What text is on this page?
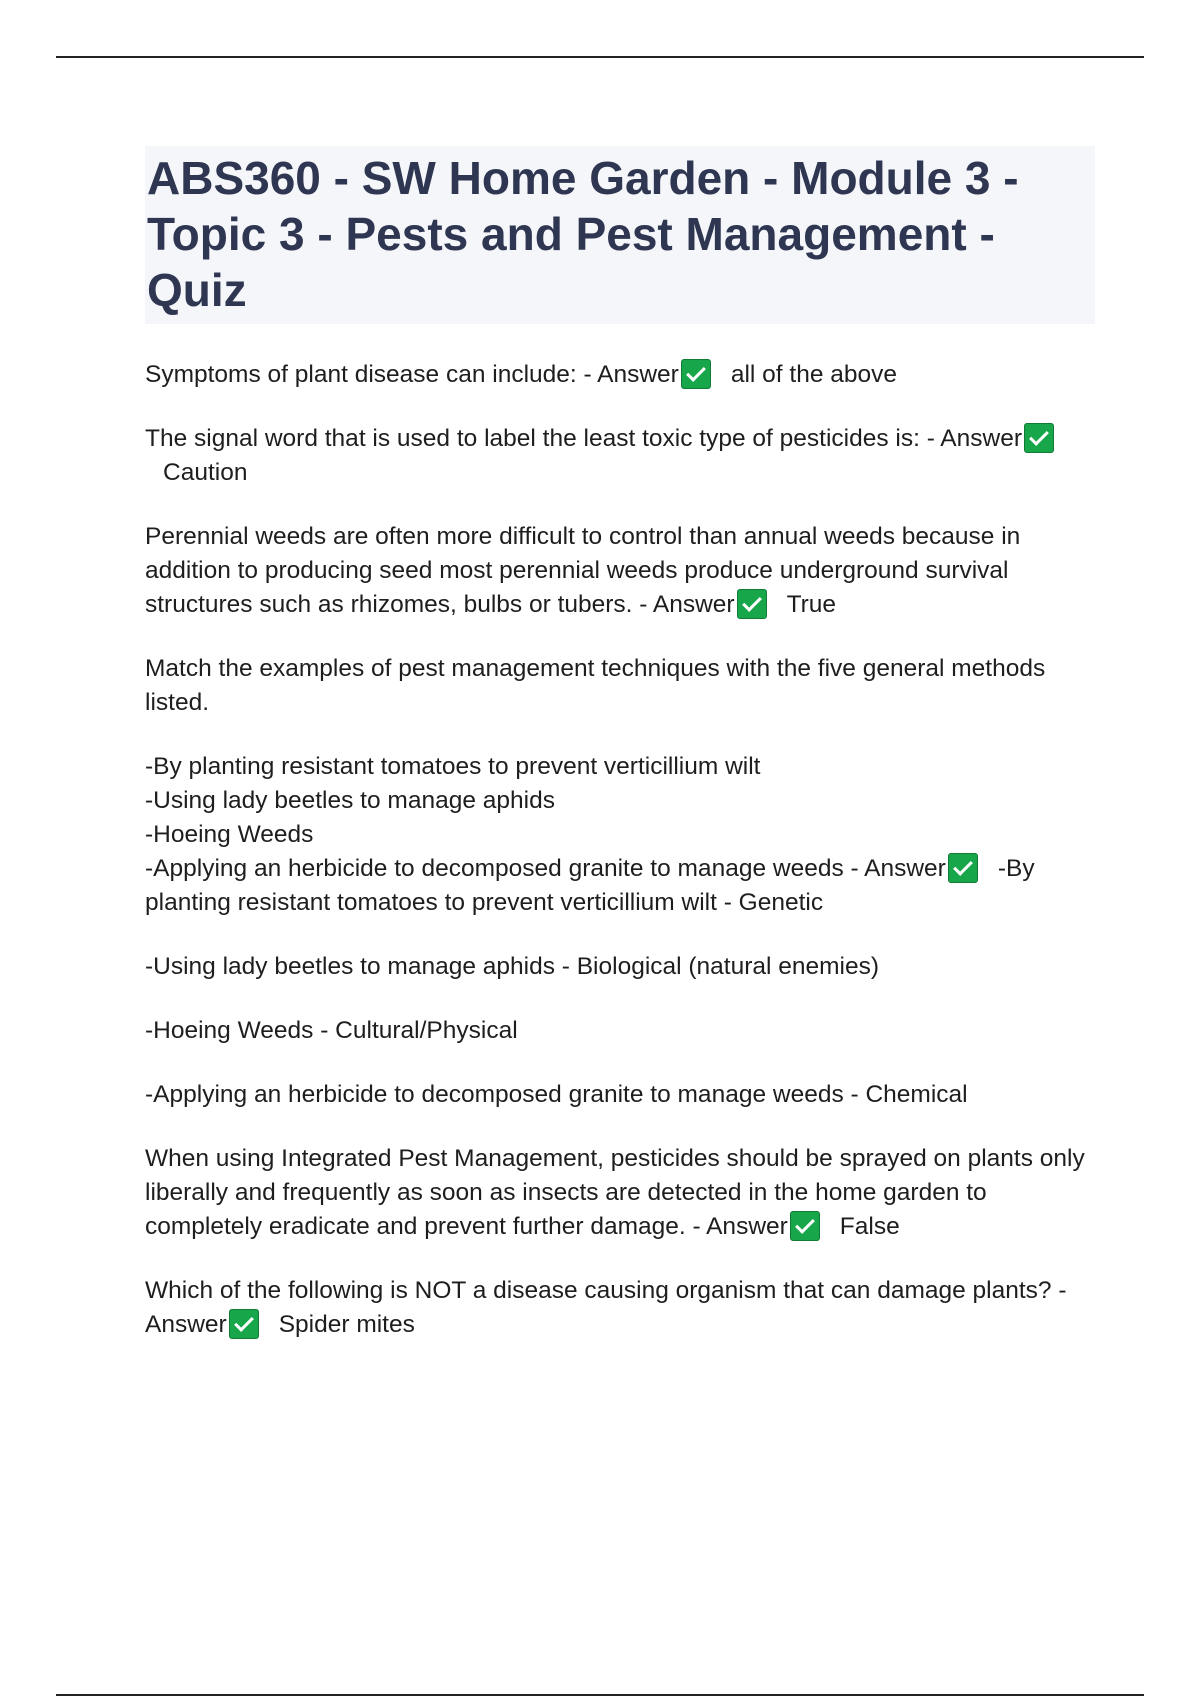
ABS360 - SW Home Garden - Module 3 - Topic 3 - Pests and Pest Management - Quiz

Symptoms of plant disease can include: - Answer all of the above

The signal word that is used to label the least toxic type of pesticides is: - AnswerCaution

Perennial weeds are often more difficult to control than annual weeds because in addition to producing seed most perennial weeds produce underground survival structures such as rhizomes, bulbs or tubers. - Answer True

Match the examples of pest management techniques with the five general methods listed.

-By planting resistant tomatoes to prevent verticillium wilt
-Using lady beetles to manage aphids
-Hoeing Weeds
-Applying an herbicide to decomposed granite to manage weeds - Answer -By planting resistant tomatoes to prevent verticillium wilt - Genetic

-Using lady beetles to manage aphids - Biological (natural enemies)

-Hoeing Weeds - Cultural/Physical

-Applying an herbicide to decomposed granite to manage weeds - Chemical

When using Integrated Pest Management, pesticides should be sprayed on plants only liberally and frequently as soon as insects are detected in the home garden to completely eradicate and prevent further damage. - Answer False

Which of the following is NOT a disease causing organism that can damage plants? - Answer Spider mites
